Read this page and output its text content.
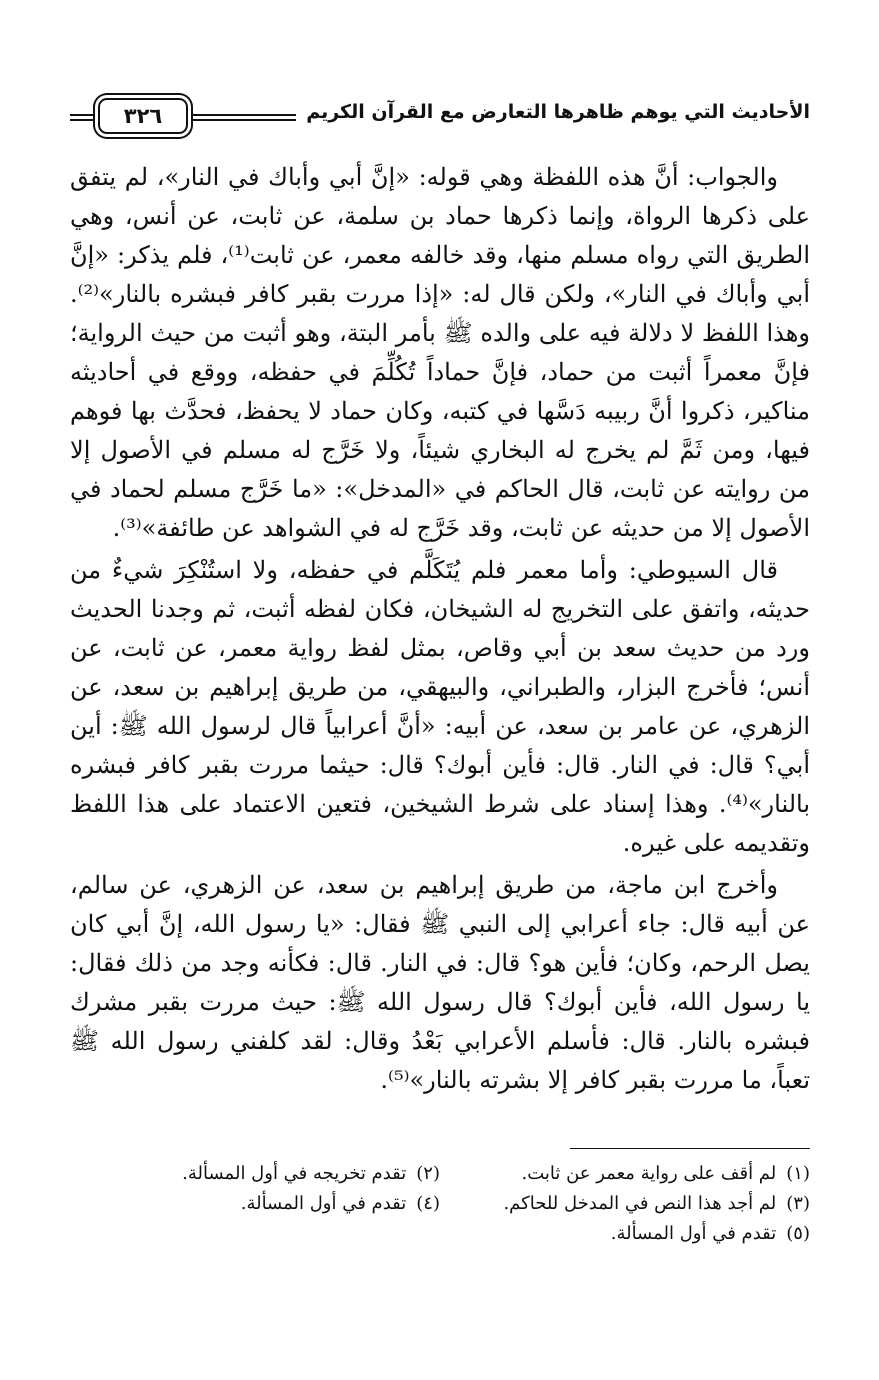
٣٢٦	الأحاديث التي يوهم ظاهرها التعارض مع القرآن الكريم

والجواب: أنَّ هذه اللفظة وهي قوله: «إنَّ أبي وأباك في النار»، لم يتفق على ذكرها الرواة، وإنما ذكرها حماد بن سلمة، عن ثابت، عن أنس، وهي الطريق التي رواه مسلم منها، وقد خالفه معمر، عن ثابت⁽¹⁾، فلم يذكر: «إنَّ أبي وأباك في النار»، ولكن قال له: «إذا مررت بقبر كافر فبشره بالنار»⁽²⁾. وهذا اللفظ لا دلالة فيه على والده ﷺ بأمر البتة، وهو أثبت من حيث الرواية؛ فإنَّ معمراً أثبت من حماد، فإنَّ حماداً تُكُلِّمَ في حفظه، ووقع في أحاديثه مناكير، ذكروا أنَّ ربيبه دَسَّها في كتبه، وكان حماد لا يحفظ، فحدَّث بها فوهم فيها، ومن ثَمَّ لم يخرج له البخاري شيئاً، ولا خَرَّج له مسلم في الأصول إلا من روايته عن ثابت، قال الحاكم في «المدخل»: «ما خَرَّج مسلم لحماد في الأصول إلا من حديثه عن ثابت، وقد خَرَّج له في الشواهد عن طائفة»⁽³⁾.

قال السيوطي: وأما معمر فلم يُتَكَلَّم في حفظه، ولا استُنْكِرَ شيءٌ من حديثه، واتفق على التخريج له الشيخان، فكان لفظه أثبت، ثم وجدنا الحديث ورد من حديث سعد بن أبي وقاص، بمثل لفظ رواية معمر، عن ثابت، عن أنس؛ فأخرج البزار، والطبراني، والبيهقي، من طريق إبراهيم بن سعد، عن الزهري، عن عامر بن سعد، عن أبيه: «أنَّ أعرابياً قال لرسول الله ﷺ: أين أبي؟ قال: في النار. قال: فأين أبوك؟ قال: حيثما مررت بقبر كافر فبشره بالنار»⁽⁴⁾. وهذا إسناد على شرط الشيخين، فتعين الاعتماد على هذا اللفظ وتقديمه على غيره.

وأخرج ابن ماجة، من طريق إبراهيم بن سعد، عن الزهري، عن سالم، عن أبيه قال: جاء أعرابي إلى النبي ﷺ فقال: «يا رسول الله، إنَّ أبي كان يصل الرحم، وكان؛ فأين هو؟ قال: في النار. قال: فكأنه وجد من ذلك فقال: يا رسول الله، فأين أبوك؟ قال رسول الله ﷺ: حيث مررت بقبر مشرك فبشره بالنار. قال: فأسلم الأعرابي بَعْدُ وقال: لقد كلفني رسول الله ﷺ تعباً، ما مررت بقبر كافر إلا بشرته بالنار»⁽⁵⁾.

(١)لم أقف على رواية معمر عن ثابت.
(٢)تقدم تخريجه في أول المسألة.
(٣)لم أجد هذا النص في المدخل للحاكم.
(٤)تقدم في أول المسألة.
(٥)تقدم في أول المسألة.
